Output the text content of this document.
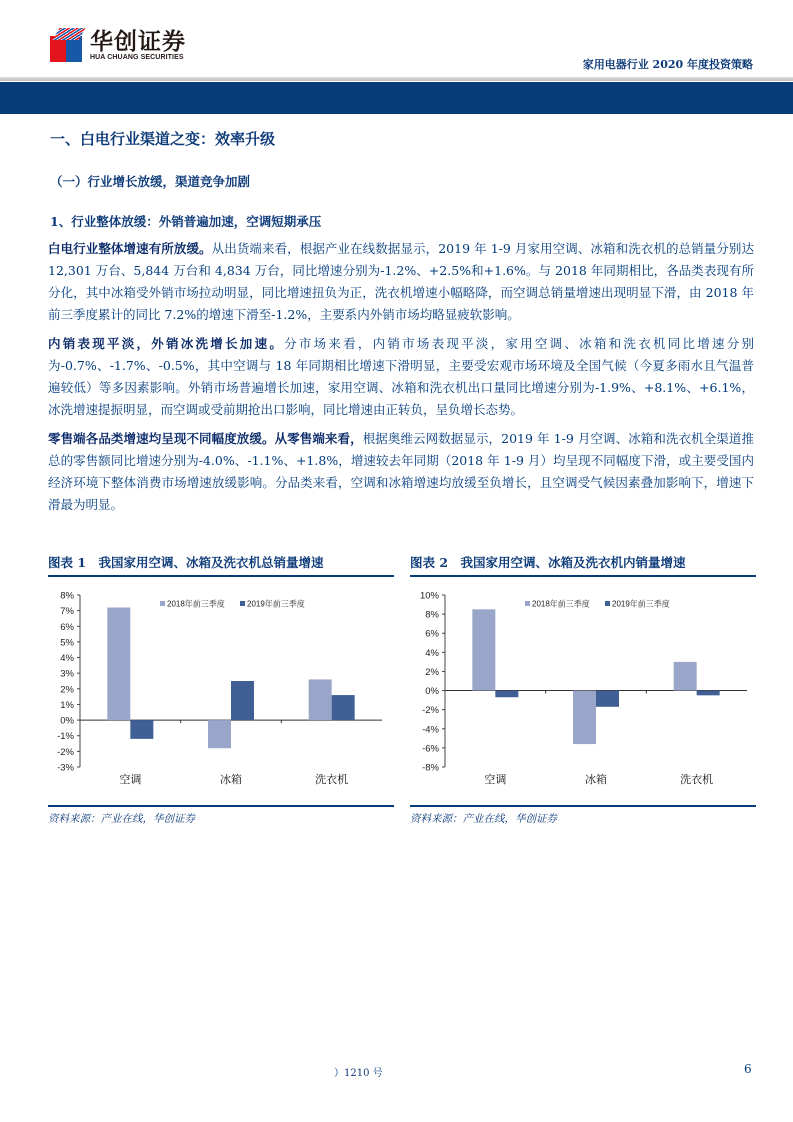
华创证券
HUA CHUANG SECURITIES
家用电器行业 2020 年度投资策略
一、白电行业渠道之变：效率升级
（一）行业增长放缓，渠道竞争加剧
1、行业整体放缓：外销普遍加速，空调短期承压
白电行业整体增速有所放缓。从出货端来看，根据产业在线数据显示，2019 年 1-9 月家用空调、冰箱和洗衣机的总销量分别达 12,301 万台、5,844 万台和 4,834 万台，同比增速分别为-1.2%、+2.5%和+1.6%。与 2018 年同期相比，各品类表现有所分化，其中冰箱受外销市场拉动明显，同比增速扭负为正，洗衣机增速小幅略降，而空调总销量增速出现明显下滑，由 2018 年前三季度累计的同比 7.2%的增速下滑至-1.2%，主要系内外销市场均略显疲软影响。
内销表现平淡，外销冰洗增长加速。分市场来看，内销市场表现平淡，家用空调、冰箱和洗衣机同比增速分别为-0.7%、-1.7%、-0.5%，其中空调与 18 年同期相比增速下滑明显，主要受宏观市场环境及全国气候（今夏多雨水且气温普遍较低）等多因素影响。外销市场普遍增长加速，家用空调、冰箱和洗衣机出口量同比增速分别为-1.9%、+8.1%、+6.1%，冰洗增速提振明显，而空调或受前期抢出口影响，同比增速由正转负，呈负增长态势。
零售端各品类增速均呈现不同幅度放缓。从零售端来看，根据奥维云网数据显示，2019 年 1-9 月空调、冰箱和洗衣机全渠道推总的零售额同比增速分别为-4.0%、-1.1%、+1.8%，增速较去年同期（2018 年 1-9 月）均呈现不同幅度下滑，或主要受国内经济环境下整体消费市场增速放缓影响。分品类来看，空调和冰箱增速均放缓至负增长，且空调受气候因素叠加影响下，增速下滑最为明显。
图表 1　我国家用空调、冰箱及洗衣机总销量增速	图表 2　我国家用空调、冰箱及洗衣机内销量增速
8%
7%
6%
5%
4%
3%
2%
1%
0%
-1%
-2%
-3%
空调	冰箱	洗衣机
2018年前三季度	2019年前三季度
10%
8%
6%
4%
2%
0%
-2%
-4%
-6%
-8%
空调	冰箱	洗衣机
2018年前三季度	2019年前三季度
资料来源：产业在线，华创证券	资料来源：产业在线，华创证券
）1210 号	6
